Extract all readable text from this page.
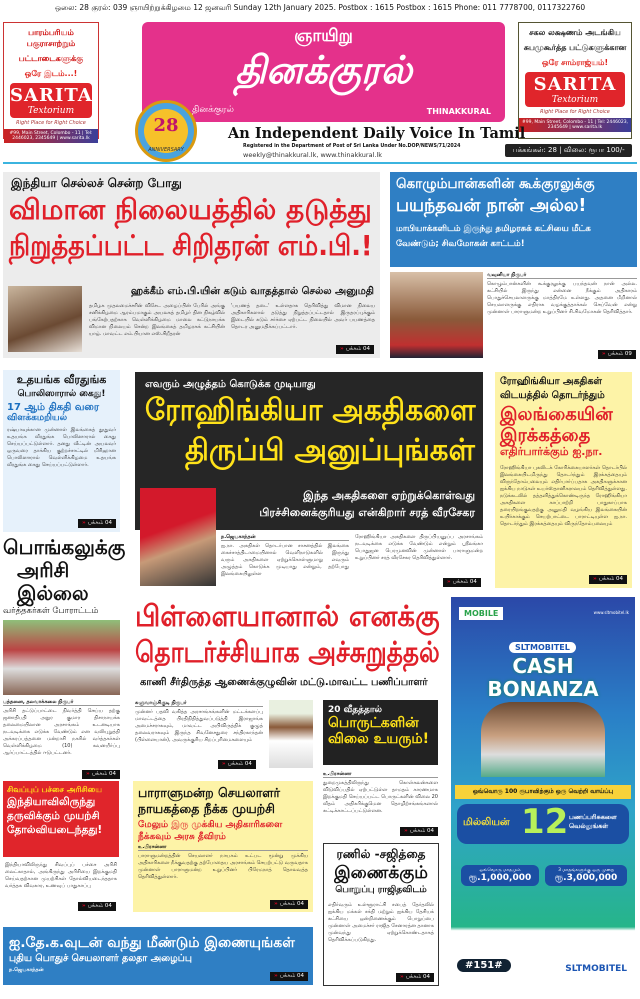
ஒலை: 28 குரல்: 039 ஞாயிற்றுக்கிழமை 12 ஜனவரி Sunday 12th January 2025. Postbox : 1615 Postbox : 1615 Phone: 011 7778700, 0117322760
பாரம்பரியம் பகுராசாற்றும்
பட்டாடைகளுக்கு
ஒரே இடம்...!
SARITA
Textorium
Right Place for Right Choice
#99, Main Street, Colombo - 11 | Tel: 2446023, 2345649 | www.sarita.lk
சகல லக்ஷணம் அடங்கிய
சுபமுகூர்த்த பட்டுகளுக்கான
ஒரே சாம்ராஜ்யம்!
SARITA
Textorium
Right Place for Right Choice
#99, Main Street, Colombo - 11 | Tel: 2446023, 2345649 | www.sarita.lk
ஞாயிறு
தினக்குரல்
தினக்குரல்	THINAKKURAL
28
ANNIVERSARY
An Independent Daily Voice In Tamil
Registered in the Department of Post of Sri Lanka Under No.DOP/NEWS/71/2024
weekly@thinakkural.lk, www.thinakkural.lk
பக்கங்கள்: 28 | விலை: ரூபா 100/-
இந்தியா செல்லச் சென்ற போது
விமான நிலையத்தில் தடுத்து
நிறுத்தப்பட்ட சிறிதரன் எம்.பி.!
ஹக்கீம் எம்.பி.யின் கடும் வாதத்தால் செல்ல அனுமதி
தமிழக முதலமைச்சரின் விசேட அழைப்பின் பேரில் அங்கு சனிக்கிழமை ஆரம்பமாகும் அயலகத் தமிழர் தின நிகழ்வில் பங்கேற்பதற்காக வெள்ளிக்கிழமை மாலை கட்டுநாயக்க விமான நிலையம் சென்ற இலங்கைத் தமிழரசுக் கட்சியின் யாழ். மாவட்ட எம்.பியான எஸ்.சிறீதரன்
'பயணத் தடை' உள்ளதாக தெரிவித்து விமான நிலைய அதிகாரிகளால் தடுத்து நிறுத்தப்பட்டதால் இருதரப்புக்கும் இடையில் கடும் சர்ச்சை ஏற்பட்ட நிலையில் அவர் பயணத்தை தொடர அனுமதிக்கப்பட்டார்.
» பக்கம் 04
கொழும்பான்களின் கூக்குரலுக்கு
பயந்தவன் நான் அல்ல!
மாபியாக்களிடம் இருந்து தமிழரசுக் கட்சியை மீட்க வேண்டும்; சிவமோகன் காட்டம்!
வவுனியா நிருபர்
கொழும்பான்களின் கூக்குரலுக்கு பயந்தவன் நான் அல்ல. கட்சியில் இருந்து என்னை நீக்கும் அதிகாரம் பொதுச்செயலாளருக்கு மாத்திரமே உள்ளது. அதனை மீறினால் செயலாளருக்கு எதிராக வழக்குத்தாக்கல் செய்வேன் என்று முன்னாள் பாராளுமன்ற உறுப்பினர் சி.சிவமோகன் தெரிவித்தார்.
» பக்கம் 09
உதயங்க வீரதுங்க
பொலிஸாரால் கைது!
17 ஆம் திகதி வரை
விளக்கமறியல்
ரஷ்யாவுக்கான முன்னாள் இலங்கைத் தூதுவர் உதயங்க வீரதுங்க பொலிஸாரால் கைது செய்யப்பட்டுள்ளார். தனது வீட்டின் அயலவர் ஒருவரை தாக்கிய குற்றச்சாட்டில் மிரிஹான பொலிஸாரால் வெள்ளிக்கிழமை உதயங்க வீரதுங்க கைது செய்யப்பட்டுள்ளார்.
» பக்கம் 04
எவரும் அழுத்தம் கொடுக்க முடியாது
ரோஹிங்கியா அகதிகளை
திருப்பி அனுப்புங்கள்
இந்த அகதிகளை ஏற்றுக்கொள்வது
பிரச்சினைக்குரியது என்கிறார் சரத் வீரசேகர
ந.ஜெயகாந்தன்
ஐ.நா. அகதிகள் தொடர்பான சாசனத்தில் இலங்கை கைச்சாத்திடாமையினால் வெளிநாடுகளில் இருந்து வரும் அகதிகளை ஏற்றுக்கொள்ளுமாறு எவரும் அழுத்தம் கொடுக்க முடியாது என்றும், தற்போது இலங்கையிலுள்ள
ரோஹிங்கியா அகதிகளை திருப்பியனுப்ப அரசாங்கம் நடவடிக்கை எடுக்க வேண்டும் என்றும் ஸ்ரீலங்கா பொதுஜன பெரமுனவின் முன்னாள் பாராளுமன்ற உறுப்பினர் சரத் வீரசேகர தெரிவித்துள்ளார்.
» பக்கம் 04
ரோஹிங்கியா அகதிகள்
விடயத்தில் தொடர்ந்தும்
இலங்கையின்
இரக்கத்தை
எதிர்பார்க்கும் ஐ.நா.
ரோஹிங்கியா புகலிடக் கோரிக்கையாளர்கள் தொடர்பில் இலங்கையிடமிருந்து தொடர்ந்தும் இரக்கத்தையும் விருந்தோம்பலையும் எதிர்பார்ப்பதாக அகதிகளுக்கான ஐக்கிய நாடுகள் உயர்ஸ்தானிகராலயம் தெரிவித்துள்ளது. நடுக்கடலில் தத்தளித்துக்கொண்டிருந்த ரோஹிங்கியா அகதிகளை காப்பாற்றி பாதுகாப்பாக தரையிறங்குவதற்கு அனுமதி வழங்கிய இலங்கையின் உயிர்காக்கும் செயற்பாட்டை பாராட்டியுள்ள ஐ.நா. தொடர்ந்தும் இரக்கத்தையும் விருந்தோம்பலையும்
» பக்கம் 04
பொங்கலுக்கு
அரிசி இல்லை
வர்த்தகர்கள் போராட்டம்
பத்தனை, தலவாக்கலை நிருபர்
அரிசி தட்டுப்பாட்டை நிவர்த்தி செய்ய தற்கு ஜனாதிபதி அநுர குமார திசாநாயக்க தலைமையிலான அரசாங்கம் உடனடியாக நடவடிக்கை எடுக்க வேண்டும் என வலியுறுத்தி அக்கரப்பத்தனை மன்றாசி நகரில் வர்த்தகர்கள் வெள்ளிக்கிழமை (10) கவனயீர்ப்பு ஆர்ப்பாட்டத்தில் ஈடுபட்டனர்.
» பக்கம் 04
பிள்ளையானால் எனக்கு
தொடர்ச்சியாக அச்சுறுத்தல்
காணி சீர்திருத்த ஆணைக்குழுவின் மட்டு.மாவட்ட பணிப்பாளர்
களுவாஞ்சிகுடி நிருபர்
முன்னர் பதவி வகித்த அரசாங்கங்களின் மட்டக்களப்பு மாவட்டத்தை பிரதிநிதித்துவப்படுத்தி இராஜாங்க அமைச்சராகவும், மாவட்ட அபிவிருத்திக் குழுத் தலைவராகவும் இருந்த சிவனேசதுரை சந்திரகாந்தன் (பிள்ளையான்), அவருக்குரிய சிறப்புரிமைகளையும்
» பக்கம் 04
20 வீதத்தால்
பொருட்களின்
விலை உயரும்!
உ.பிரசன்னா
துறைமுகத்திலிருந்து கொள்கலன்களை விடுவிப்பதில் ஏற்பட்டுள்ள தாமதம் காரணமாக இறக்குமதி செய்யப்பட்ட பொருட்களின் விலை 20 வீதம் அதிகரிக்குமென தொழிற்சங்கங்களால் சுட்டிக்காட்டப்பட்டுள்ளன.
» பக்கம் 04
சிவப்புப் பச்சை அரிசியை
இந்தியாவிலிருந்து
தருவிக்கும் முயற்சி
தோல்வியடைந்தது!
இந்தியாவிலிருந்து சிவப்புப் பச்சை அரிசி லைட்காதால், அங்கிருந்து அரிசியை இறக்குமதி செய்வதற்கான முயற்சிகள் தோல்வியடைந்ததாக வர்த்தக விவகார, உணவுப் பாதுகாப்பு
» பக்கம் 04
பாராளுமன்ற செயலாளர்
நாயகத்தை நீக்க முயற்சி
மேலும் இரு முக்கிய அதிகாரிகளை
நீக்கவும் அரசு தீவிரம்
உ.பிரசன்னா
பாராளுமன்றத்தின் செயலாளர் நாயகம் உட்பட மூன்று முக்கிய அதிகாரிகளை நீக்குவதற்கு தற்போதைய அரசாங்கம் செயற்பட்டு வருவதாக முன்னாள் பாராளுமன்ற உறுப்பினர் பிரேமநாத் தொலவத்த தெரிவித்துள்ளார்.
» பக்கம் 04
ரணில் -சஜித்தை
இணைக்கும்
பொறுப்பு ராஜிதவிடம்
எதிர்வரும் உள்ளூராட்சி சபைத் தேர்தலில் ஐக்கிய மக்கள் சக்தி மற்றும் ஐக்கிய தேசியக் கட்சியை ஒன்றிணைக்கும் பொறுப்பை முன்னாள் அமைச்சர் ராஜித சேனாரத்ன தானாக முன்வந்து ஏற்றுக்கொண்டதாகத் தெரிவிக்கப்படுகிறது.
» பக்கம் 04
ஐ.தே.க.வுடன் வந்து மீண்டும் இணையுங்கள்
புதிய பொதுச் செயலாளர் தலதா அழைப்பு
ந.ஜெயகாந்தன்
» பக்கம் 04
MOBILE	www.sltmobitel.lk
SLTMOBITEL
CASH
BONANZA
ஒவ்வொரு 100 ரூபாவிற்கும் ஒரு வெற்றி வாய்ப்பு
மில்லியன் 12 பணப்பரிசுகளை வெல்லுங்கள்
ஒவ்வொரு மாதமும்
ரூ.1,000,000
3 மாதங்களுக்கு ஒரு முறை
ரூ.3,000,000
#151#	SLTMOBITEL
